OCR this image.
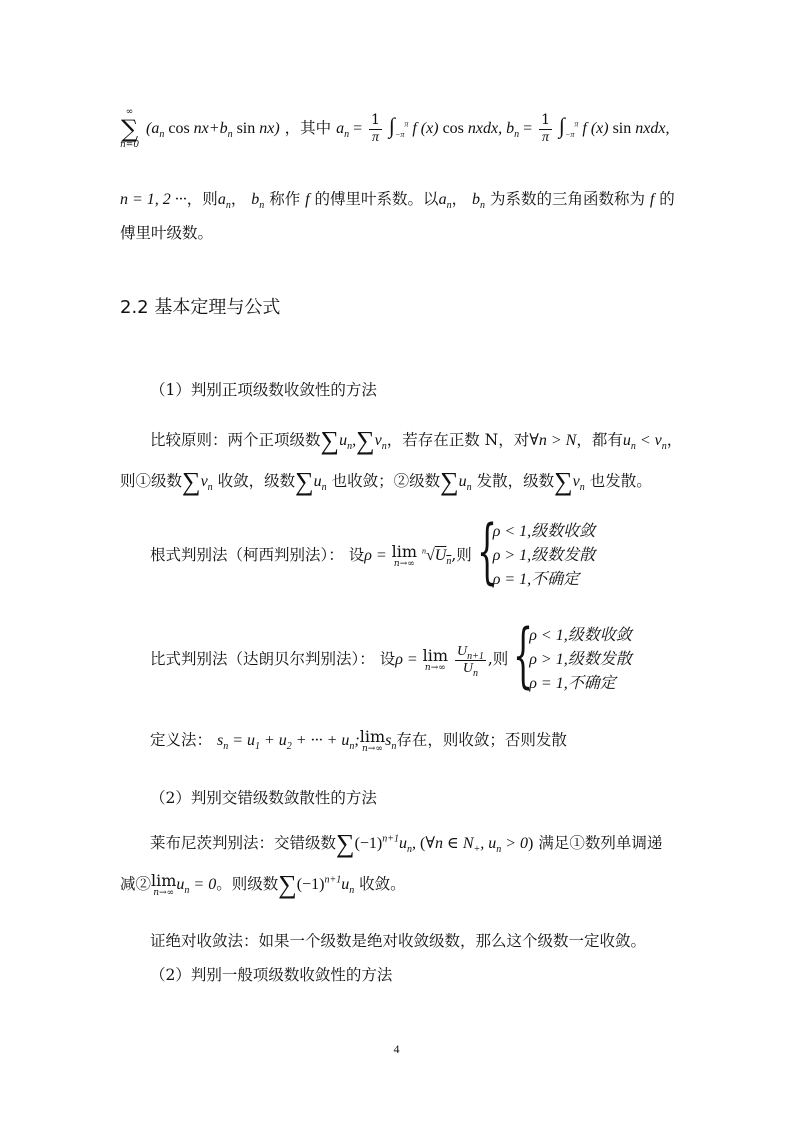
∞
∑
n=0
($a_n$ $\cos nx+b_n$ sin nx) ，其中 $a_n = \frac{1}{\pi} \int_{-\pi}^\pi$ f (x) cos nxdx, $b_n = \frac{1}{\pi} \int_{-\pi}^\pi$ f (x) sin nxdx,
n = 1, 2 ···，则$a_n$， $b_n$ 称作 f 的傅里叶系数。以$a_n$， $b_n$ 为系数的三角函数称为 f 的
傅里叶级数。
2.2 基本定理与公式
（1）判别正项级数收敛性的方法
比较原则：两个正项级数$\sum u_n,\sum v_n$，若存在正数 N，对∀n > N，都有$u_n < v_n$，
则①级数$\sum v_n$ 收敛，级数$\sum u_n$ 也收敛；②级数$\sum u_n$ 发散，级数$\sum v_n$ 也发散。
根式判别法（柯西判别法）： 设ρ = lim
n→∞
$^n√U_n$,则 {
ρ < 1,级数收敛
ρ > 1,级数发散
ρ = 1,不确定
比式判别法（达朗贝尔判别法）： 设ρ = lim
n→∞
$\frac{U_{n+1}}{U_n}$ ,则 {
ρ < 1,级数收敛
ρ > 1,级数发散
ρ = 1,不确定
定义法： $s_n = u_1 + u_2$ + ··· + $u_n$; lim
n→∞ $s_n$存在，则收敛；否则发散
（2）判别交错级数敛散性的方法
莱布尼茨判别法：交错级数$\sum(-1)^{n+1}u_n$, (∀n ∈ $N_+$, $u_n > 0$) 满足①数列单调递
减② lim
n→∞ $u_n = 0$。则级数$\sum(-1)^{n+1}u_n$ 收敛。
证绝对收敛法：如果一个级数是绝对收敛级数，那么这个级数一定收敛。
（2）判别一般项级数收敛性的方法
4
